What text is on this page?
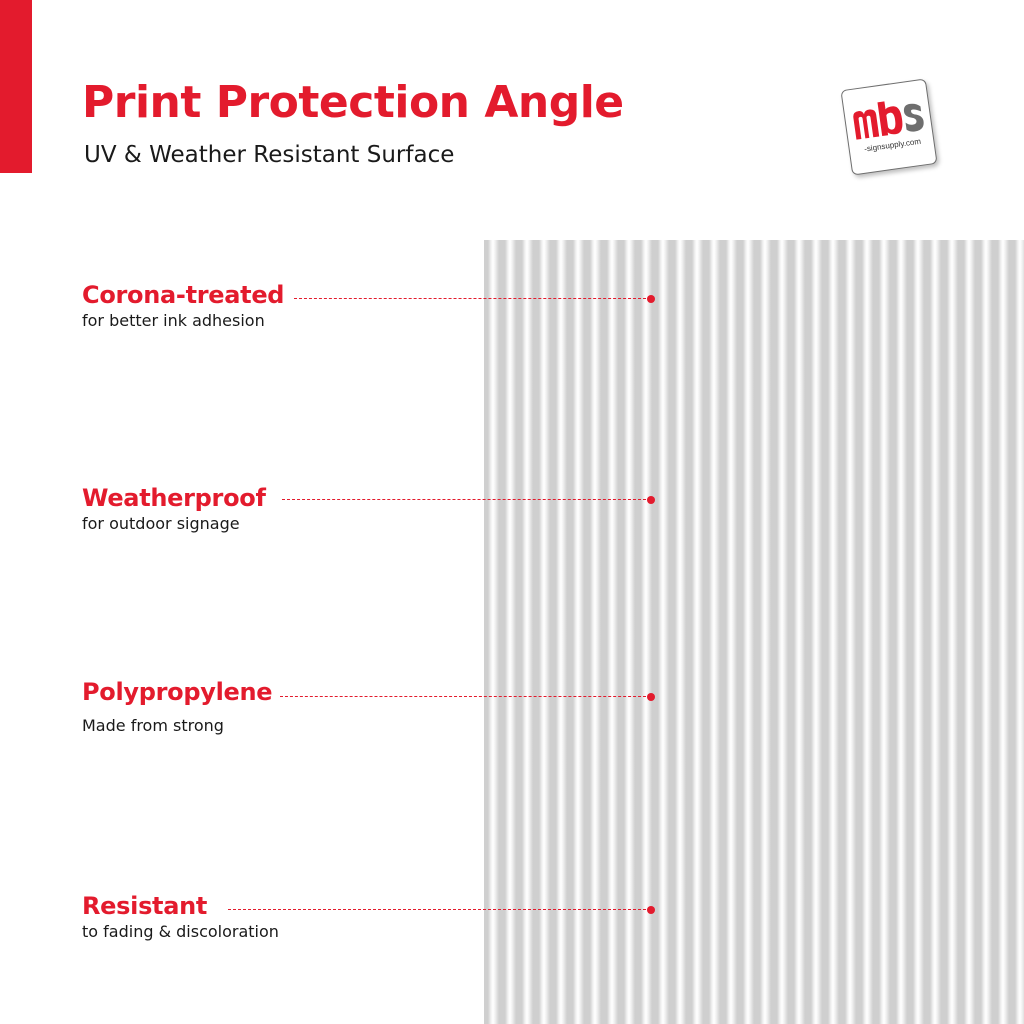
Print Protection Angle
UV & Weather Resistant Surface	-signsupply.com
Corona-treated
for better ink adhesion
Weatherproof
for outdoor signage
Polypropylene
Made from strong
Resistant
to fading & discoloration
